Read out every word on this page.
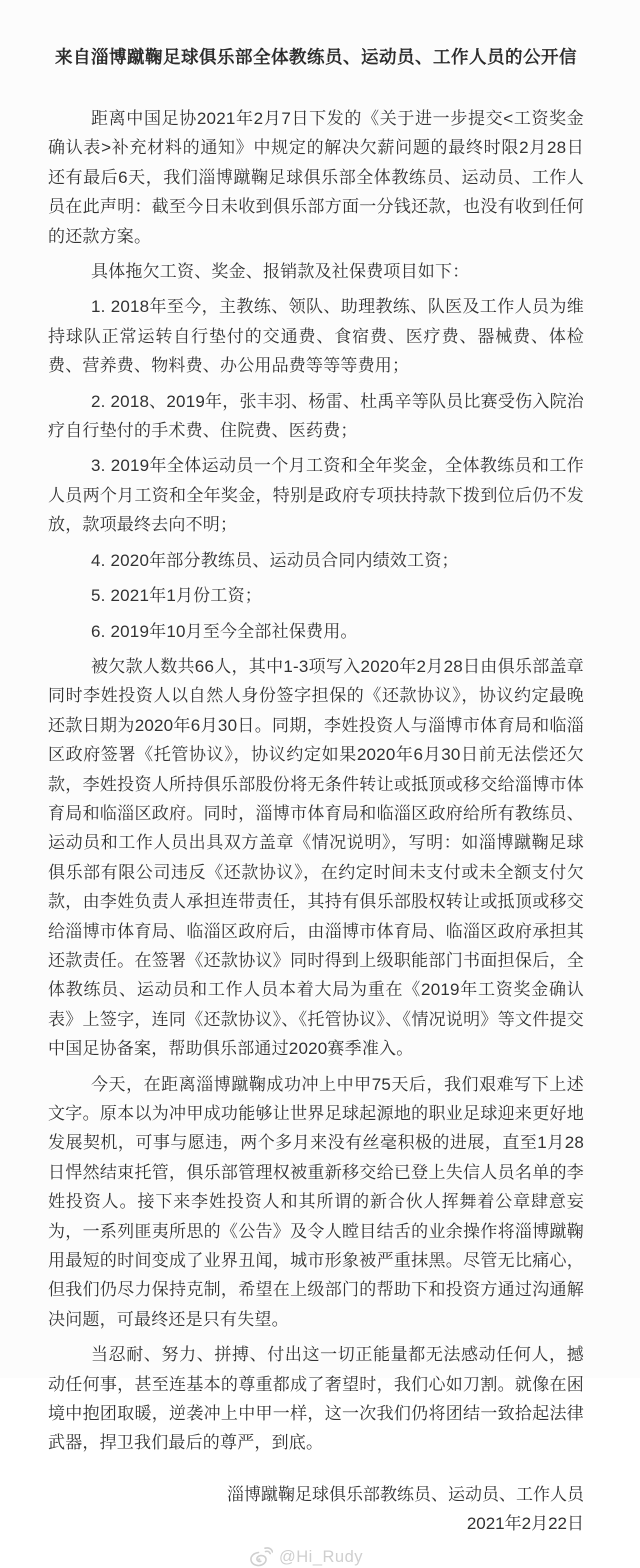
来自淄博蹴鞠足球俱乐部全体教练员、运动员、工作人员的公开信

距离中国足协2021年2月7日下发的《关于进一步提交<工资奖金确认表>补充材料的通知》中规定的解决欠薪问题的最终时限2月28日还有最后6天，我们淄博蹴鞠足球俱乐部全体教练员、运动员、工作人员在此声明：截至今日未收到俱乐部方面一分钱还款，也没有收到任何的还款方案。

具体拖欠工资、奖金、报销款及社保费项目如下：

1. 2018年至今，主教练、领队、助理教练、队医及工作人员为维持球队正常运转自行垫付的交通费、食宿费、医疗费、器械费、体检费、营养费、物料费、办公用品费等等等费用；

2. 2018、2019年，张丰羽、杨雷、杜禹辛等队员比赛受伤入院治疗自行垫付的手术费、住院费、医药费；

3. 2019年全体运动员一个月工资和全年奖金，全体教练员和工作人员两个月工资和全年奖金，特别是政府专项扶持款下拨到位后仍不发放，款项最终去向不明；

4. 2020年部分教练员、运动员合同内绩效工资；

5. 2021年1月份工资；

6. 2019年10月至今全部社保费用。

被欠款人数共66人，其中1-3项写入2020年2月28日由俱乐部盖章同时李姓投资人以自然人身份签字担保的《还款协议》，协议约定最晚还款日期为2020年6月30日。同期，李姓投资人与淄博市体育局和临淄区政府签署《托管协议》，协议约定如果2020年6月30日前无法偿还欠款，李姓投资人所持俱乐部股份将无条件转让或抵顶或移交给淄博市体育局和临淄区政府。同时，淄博市体育局和临淄区政府给所有教练员、运动员和工作人员出具双方盖章《情况说明》，写明：如淄博蹴鞠足球俱乐部有限公司违反《还款协议》，在约定时间未支付或未全额支付欠款，由李姓负责人承担连带责任，其持有俱乐部股权转让或抵顶或移交给淄博市体育局、临淄区政府后，由淄博市体育局、临淄区政府承担其还款责任。在签署《还款协议》同时得到上级职能部门书面担保后，全体教练员、运动员和工作人员本着大局为重在《2019年工资奖金确认表》上签字，连同《还款协议》、《托管协议》、《情况说明》等文件提交中国足协备案，帮助俱乐部通过2020赛季准入。

今天，在距离淄博蹴鞠成功冲上中甲75天后，我们艰难写下上述文字。原本以为冲甲成功能够让世界足球起源地的职业足球迎来更好地发展契机，可事与愿违，两个多月来没有丝毫积极的进展，直至1月28日悍然结束托管，俱乐部管理权被重新移交给已登上失信人员名单的李姓投资人。接下来李姓投资人和其所谓的新合伙人挥舞着公章肆意妄为，一系列匪夷所思的《公告》及令人瞠目结舌的业余操作将淄博蹴鞠用最短的时间变成了业界丑闻，城市形象被严重抹黑。尽管无比痛心，但我们仍尽力保持克制，希望在上级部门的帮助下和投资方通过沟通解决问题，可最终还是只有失望。

当忍耐、努力、拼搏、付出这一切正能量都无法感动任何人，撼动任何事，甚至连基本的尊重都成了奢望时，我们心如刀割。就像在困境中抱团取暖，逆袭冲上中甲一样，这一次我们仍将团结一致拾起法律武器，捍卫我们最后的尊严，到底。

淄博蹴鞠足球俱乐部教练员、运动员、工作人员
2021年2月22日
@Hi_Rudy
